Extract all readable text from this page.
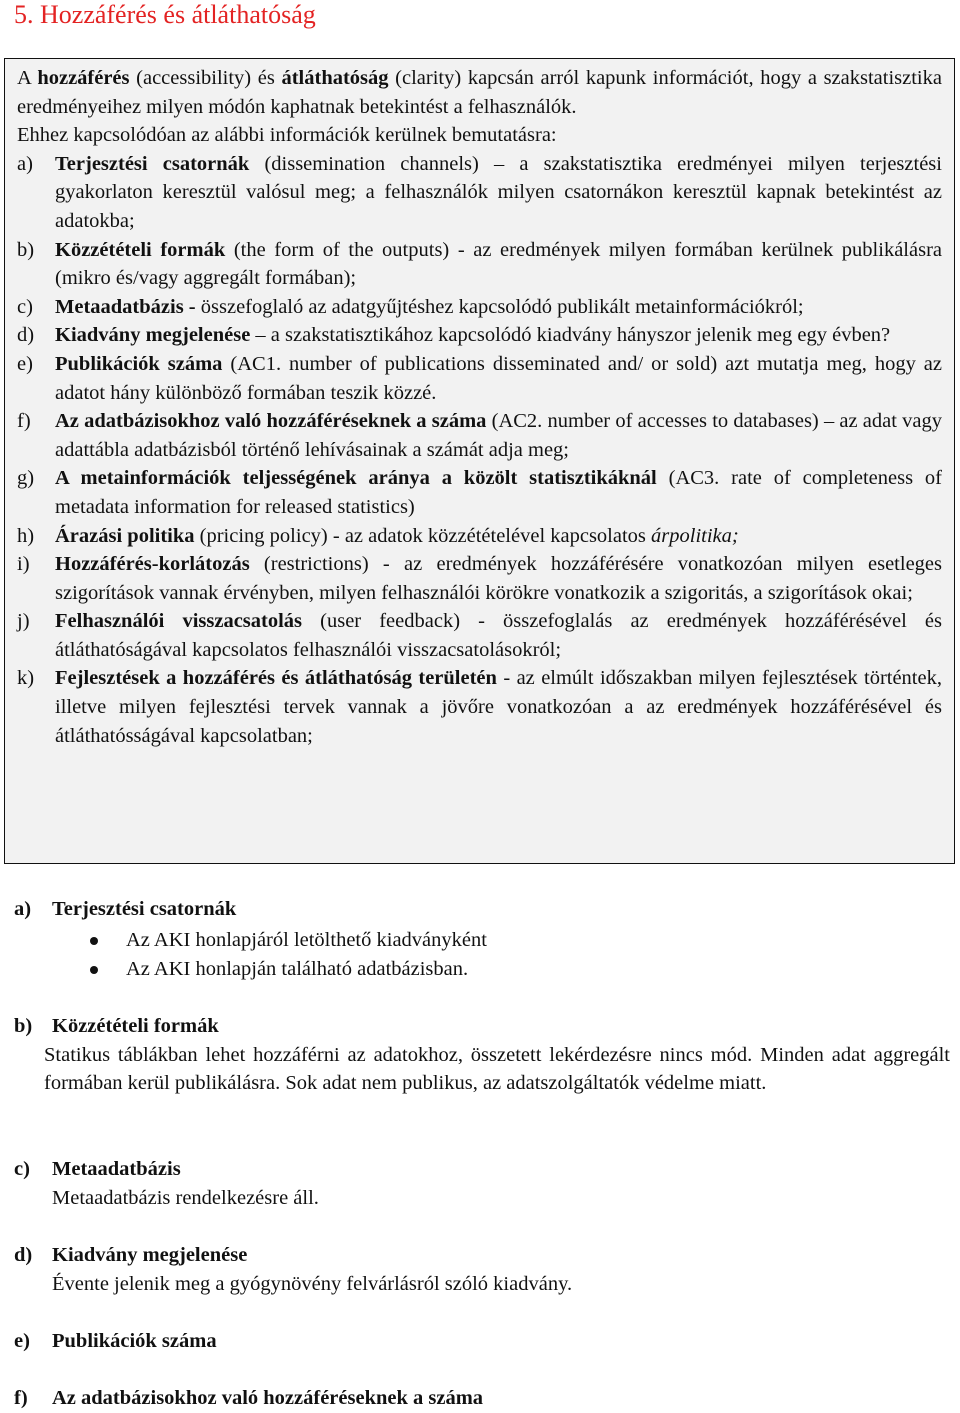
5. Hozzáférés és átláthatóság

A hozzáférés (accessibility) és átláthatóság (clarity) kapcsán arról kapunk információt, hogy a szakstatisztika eredményeihez milyen módón kaphatnak betekintést a felhasználók.

Ehhez kapcsolódóan az alábbi információk kerülnek bemutatásra:

a)	Terjesztési csatornák (dissemination channels) – a szakstatisztika eredményei milyen terjesztési gyakorlaton keresztül valósul meg; a felhasználók milyen csatornákon keresztül kapnak betekintést az adatokba;
b)	Közzétételi formák (the form of the outputs) - az eredmények milyen formában kerülnek publikálásra (mikro és/vagy aggregált formában);
c)	Metaadatbázis - összefoglaló az adatgyűjtéshez kapcsolódó publikált metainformációkról;
d)	Kiadvány megjelenése – a szakstatisztikához kapcsolódó kiadvány hányszor jelenik meg egy évben?
e)	Publikációk száma (AC1. number of publications disseminated and/ or sold) azt mutatja meg, hogy az adatot hány különböző formában teszik közzé.
f)	Az adatbázisokhoz való hozzáféréseknek a száma (AC2. number of accesses to databases) – az adat vagy adattábla adatbázisból történő lehívásainak a számát adja meg;
g)	A metainformációk teljességének aránya a közölt statisztikáknál (AC3. rate of completeness of metadata information for released statistics)
h)	Árazási politika (pricing policy) - az adatok közzétételével kapcsolatos árpolitika;
i)	Hozzáférés-korlátozás (restrictions) - az eredmények hozzáférésére vonatkozóan milyen esetleges szigorítások vannak érvényben, milyen felhasználói körökre vonatkozik a szigoritás, a szigorítások okai;
j)	Felhasználói visszacsatolás (user feedback) - összefoglalás az eredmények hozzáférésével és átláthatóságával kapcsolatos felhasználói visszacsatolásokról;
k)	Fejlesztések a hozzáférés és átláthatóság területén - az elmúlt időszakban milyen fejlesztések történtek, illetve milyen fejlesztési tervek vannak a jövőre vonatkozóan a az eredmények hozzáférésével és átláthatósságával kapcsolatban;

a)	Terjesztési csatornák

Az AKI honlapjáról letölthető kiadványként
Az AKI honlapján található adatbázisban.

b) Közzétételi formák

Statikus táblákban lehet hozzáférni az adatokhoz, összetett lekérdezésre nincs mód. Minden adat aggregált formában kerül publikálásra. Sok adat nem publikus, az adatszolgáltatók védelme miatt.

c)	Metaadatbázis

Metaadatbázis rendelkezésre áll.

d) Kiadvány megjelenése

Évente jelenik meg a gyógynövény felvárlásról szóló kiadvány.

e)	Publikációk száma

f)	Az adatbázisokhoz való hozzáféréseknek a száma
